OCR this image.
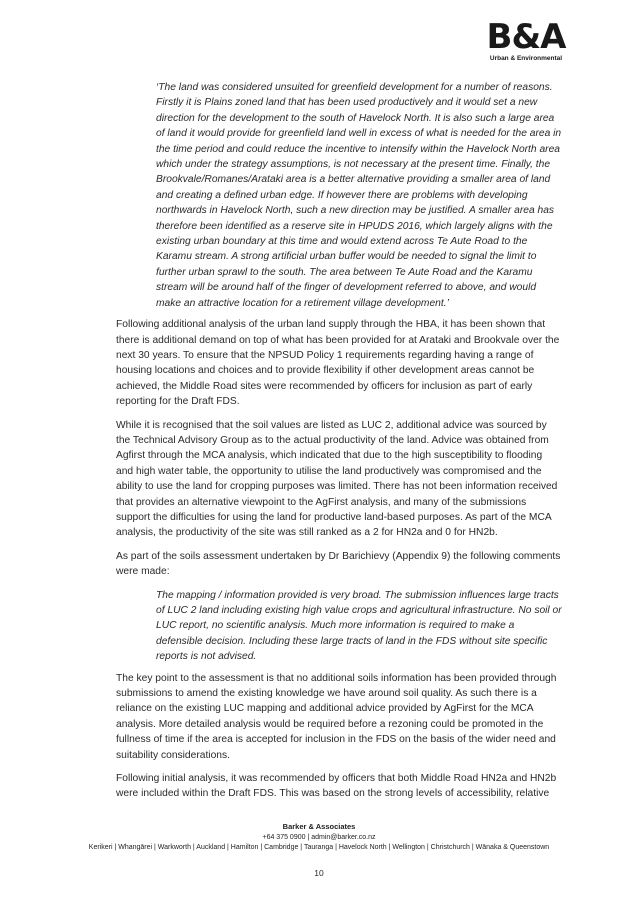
B&A
Urban & Environmental

‘The land was considered unsuited for greenfield development for a number of reasons. Firstly it is Plains zoned land that has been used productively and it would set a new direction for the development to the south of Havelock North. It is also such a large area of land it would provide for greenfield land well in excess of what is needed for the area in the time period and could reduce the incentive to intensify within the Havelock North area which under the strategy assumptions, is not necessary at the present time. Finally, the Brookvale/Romanes/Arataki area is a better alternative providing a smaller area of land and creating a defined urban edge. If however there are problems with developing northwards in Havelock North, such a new direction may be justified. A smaller area has therefore been identified as a reserve site in HPUDS 2016, which largely aligns with the existing urban boundary at this time and would extend across Te Aute Road to the Karamu stream. A strong artificial urban buffer would be needed to signal the limit to further urban sprawl to the south. The area between Te Aute Road and the Karamu stream will be around half of the finger of development referred to above, and would make an attractive location for a retirement village development.’

Following additional analysis of the urban land supply through the HBA, it has been shown that there is additional demand on top of what has been provided for at Arataki and Brookvale over the next 30 years. To ensure that the NPSUD Policy 1 requirements regarding having a range of housing locations and choices and to provide flexibility if other development areas cannot be achieved, the Middle Road sites were recommended by officers for inclusion as part of early reporting for the Draft FDS.

While it is recognised that the soil values are listed as LUC 2, additional advice was sourced by the Technical Advisory Group as to the actual productivity of the land. Advice was obtained from Agfirst through the MCA analysis, which indicated that due to the high susceptibility to flooding and high water table, the opportunity to utilise the land productively was compromised and the ability to use the land for cropping purposes was limited. There has not been information received that provides an alternative viewpoint to the AgFirst analysis, and many of the submissions support the difficulties for using the land for productive land-based purposes. As part of the MCA analysis, the productivity of the site was still ranked as a 2 for HN2a and 0 for HN2b.

As part of the soils assessment undertaken by Dr Barichievy (Appendix 9) the following comments were made:

The mapping / information provided is very broad. The submission influences large tracts of LUC 2 land including existing high value crops and agricultural infrastructure. No soil or LUC report, no scientific analysis. Much more information is required to make a defensible decision. Including these large tracts of land in the FDS without site specific reports is not advised.

The key point to the assessment is that no additional soils information has been provided through submissions to amend the existing knowledge we have around soil quality. As such there is a reliance on the existing LUC mapping and additional advice provided by AgFirst for the MCA analysis. More detailed analysis would be required before a rezoning could be promoted in the fullness of time if the area is accepted for inclusion in the FDS on the basis of the wider need and suitability considerations.

Following initial analysis, it was recommended by officers that both Middle Road HN2a and HN2b were included within the Draft FDS. This was based on the strong levels of accessibility, relative

Barker & Associates
+64 375 0900 | admin@barker.co.nz
Kerikeri | Whangārei | Warkworth | Auckland | Hamilton | Cambridge | Tauranga | Havelock North | Wellington | Christchurch | Wānaka & Queenstown
10
